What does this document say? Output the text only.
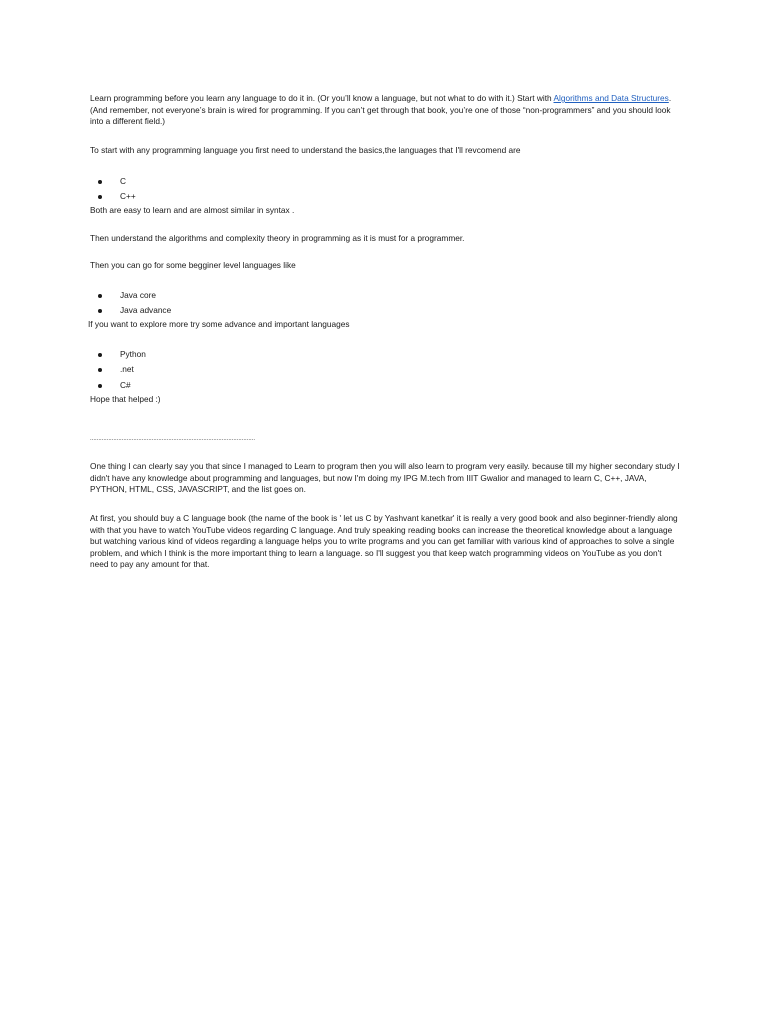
Learn programming before you learn any language to do it in. (Or you’ll know a language, but not what to do with it.) Start with Algorithms and Data Structures. (And remember, not everyone’s brain is wired for programming. If you can’t get through that book, you’re one of those “non-programmers” and you should look into a different field.)

To start with any programming language you first need to understand the basics,the languages that I'll revcomend are

C

C++

Both are easy to learn and are almost similar in syntax .

Then understand the algorithms and complexity theory in programming as it is must for a programmer.

Then you can go for some begginer level languages like

Java core

Java advance

If you want to explore more try some advance and important languages

Python

.net

C#

Hope that helped :)

...................................................................................................

One thing I can clearly say you that since I managed to Learn to program then you will also learn to program very easily. because till my higher secondary study I didn't have any knowledge about programming and languages, but now I'm doing my IPG M.tech from IIIT Gwalior and managed to learn C, C++, JAVA, PYTHON, HTML, CSS, JAVASCRIPT, and the list goes on.

At first, you should buy a C language book (the name of the book is ' let us C by Yashvant kanetkar' it is really a very good book and also beginner-friendly along with that you have to watch YouTube videos regarding C language. And truly speaking reading books can increase the theoretical knowledge about a language but watching various kind of videos regarding a language helps you to write programs and you can get familiar with various kind of approaches to solve a single problem, and which I think is the more important thing to learn a language. so I'll suggest you that keep watch programming videos on YouTube as you don't need to pay any amount for that.
